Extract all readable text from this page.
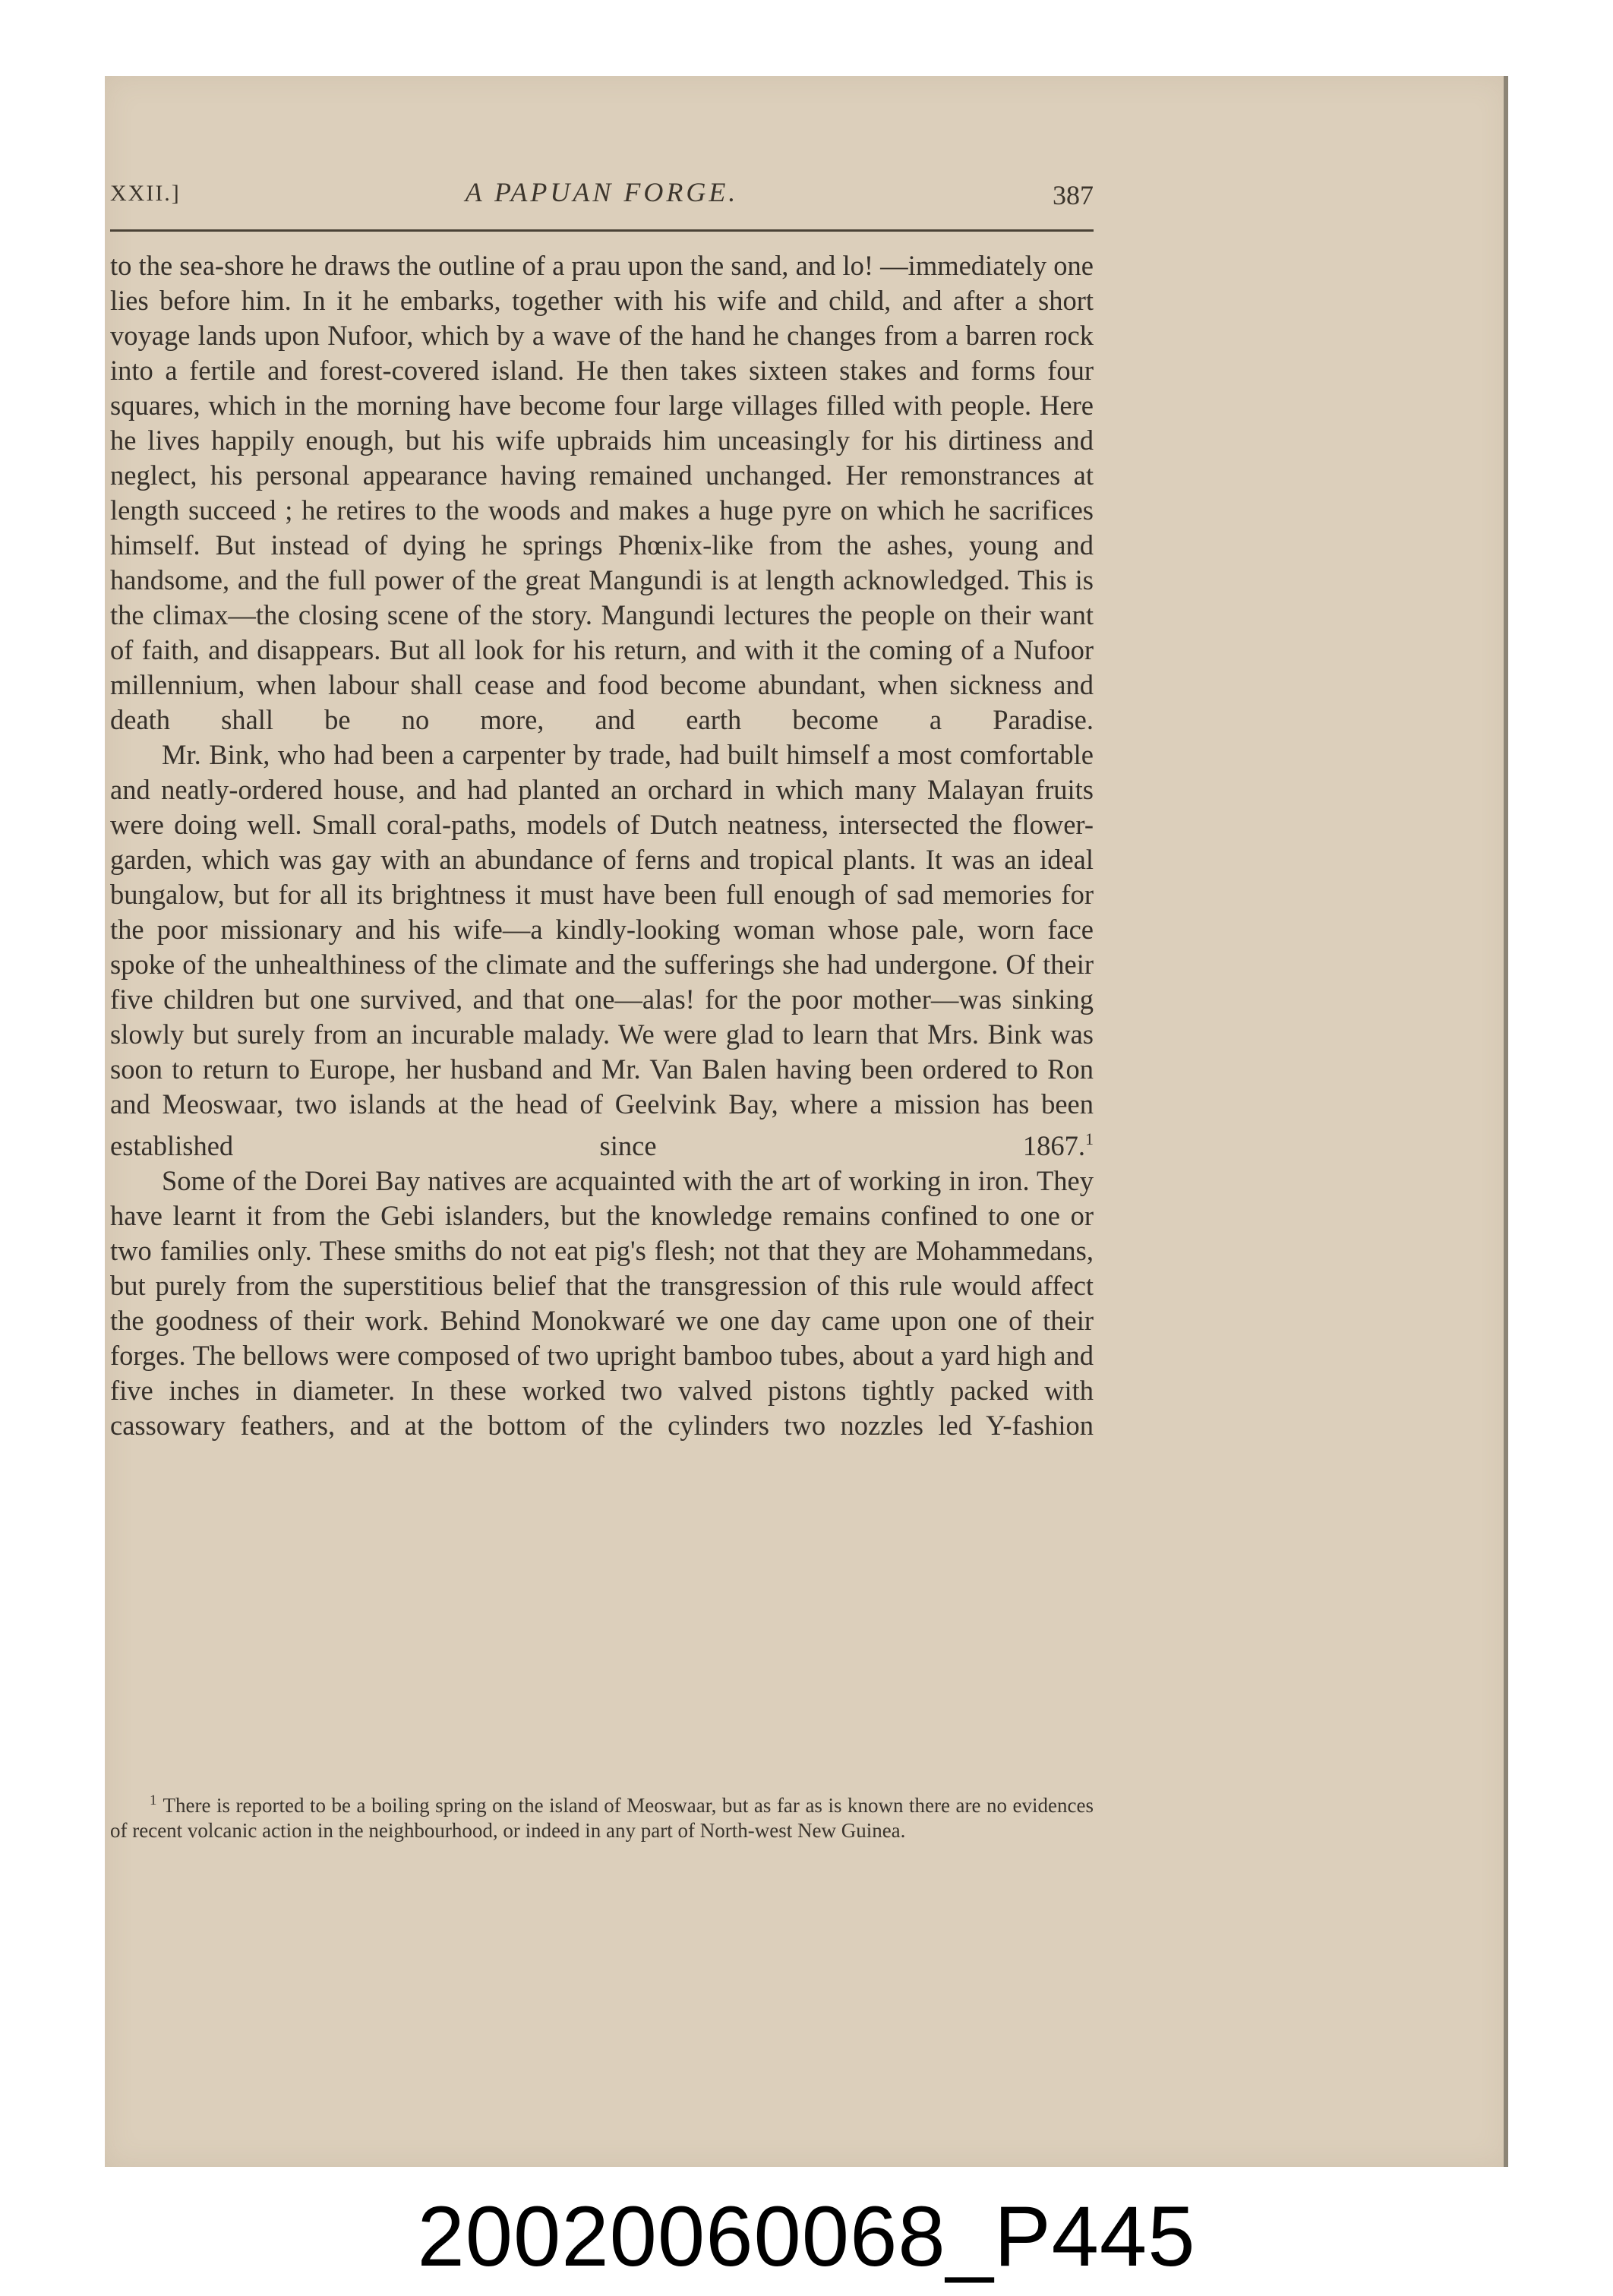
XXII.]	A PAPUAN FORGE.	387

to the sea-shore he draws the outline of a prau upon the sand, and lo! —immediately one lies before him. In it he embarks, together with his wife and child, and after a short voyage lands upon Nufoor, which by a wave of the hand he changes from a barren rock into a fertile and forest-covered island. He then takes sixteen stakes and forms four squares, which in the morning have become four large villages filled with people. Here he lives happily enough, but his wife upbraids him unceasingly for his dirtiness and neglect, his personal appearance having remained unchanged. Her remonstrances at length succeed ; he retires to the woods and makes a huge pyre on which he sacrifices himself. But instead of dying he springs Phœnix-like from the ashes, young and handsome, and the full power of the great Mangundi is at length acknowledged. This is the climax—the closing scene of the story. Mangundi lectures the people on their want of faith, and disappears. But all look for his return, and with it the coming of a Nufoor millennium, when labour shall cease and food become abundant, when sickness and death shall be no more, and earth become a Paradise.

Mr. Bink, who had been a carpenter by trade, had built himself a most comfortable and neatly-ordered house, and had planted an orchard in which many Malayan fruits were doing well. Small coral-paths, models of Dutch neatness, intersected the flower-garden, which was gay with an abundance of ferns and tropical plants. It was an ideal bungalow, but for all its brightness it must have been full enough of sad memories for the poor missionary and his wife—a kindly-looking woman whose pale, worn face spoke of the unhealthiness of the climate and the sufferings she had undergone. Of their five children but one survived, and that one—alas! for the poor mother—was sinking slowly but surely from an incurable malady. We were glad to learn that Mrs. Bink was soon to return to Europe, her husband and Mr. Van Balen having been ordered to Ron and Meoswaar, two islands at the head of Geelvink Bay, where a mission has been established since 1867.$^1$

Some of the Dorei Bay natives are acquainted with the art of working in iron. They have learnt it from the Gebi islanders, but the knowledge remains confined to one or two families only. These smiths do not eat pig's flesh; not that they are Mohammedans, but purely from the superstitious belief that the transgression of this rule would affect the goodness of their work. Behind Monokwaré we one day came upon one of their forges. The bellows were composed of two upright bamboo tubes, about a yard high and five inches in diameter. In these worked two valved pistons tightly packed with cassowary feathers, and at the bottom of the cylinders two nozzles led Y-fashion

$^1$ There is reported to be a boiling spring on the island of Meoswaar, but as far as is known there are no evidences of recent volcanic action in the neighbourhood, or indeed in any part of North-west New Guinea.
20020060068_P445
